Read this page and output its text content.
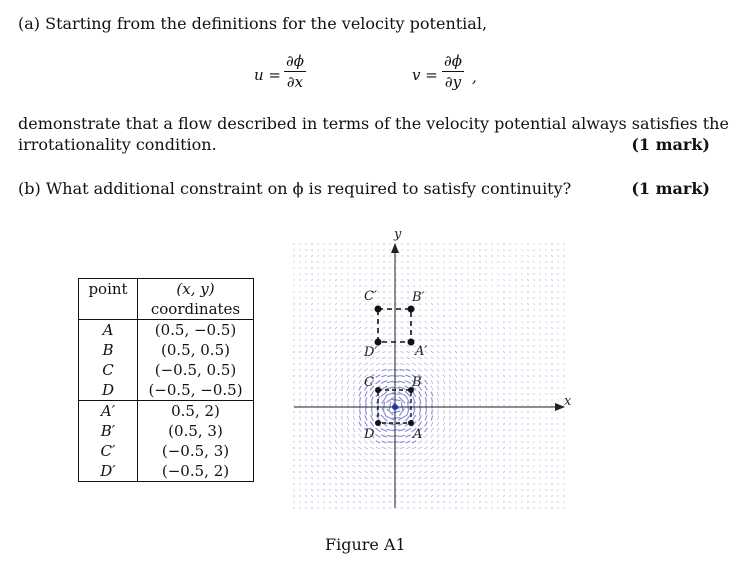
(a) Starting from the definitions for the velocity potential,
$u = \frac{\partial\phi}{\partial x}$	$v = \frac{\partial\phi}{\partial y}$ ,
demonstrate that a flow described in terms of the velocity potential always satisfies the
irrotationality condition.	(1 mark)
(b) What additional constraint on ϕ is required to satisfy continuity?	(1 mark)
point	(x, y)
coordinates

A	(0.5, −0.5)
B	(0.5, 0.5)
C	(−0.5, 0.5)
D	(−0.5, −0.5)
A′	0.5, 2)
B′	(0.5, 3)
C′	(−0.5, 3)
D′	(−0.5, 2)
x
y
A′
B′
C′
D′
A
B
C
D
Figure A1
